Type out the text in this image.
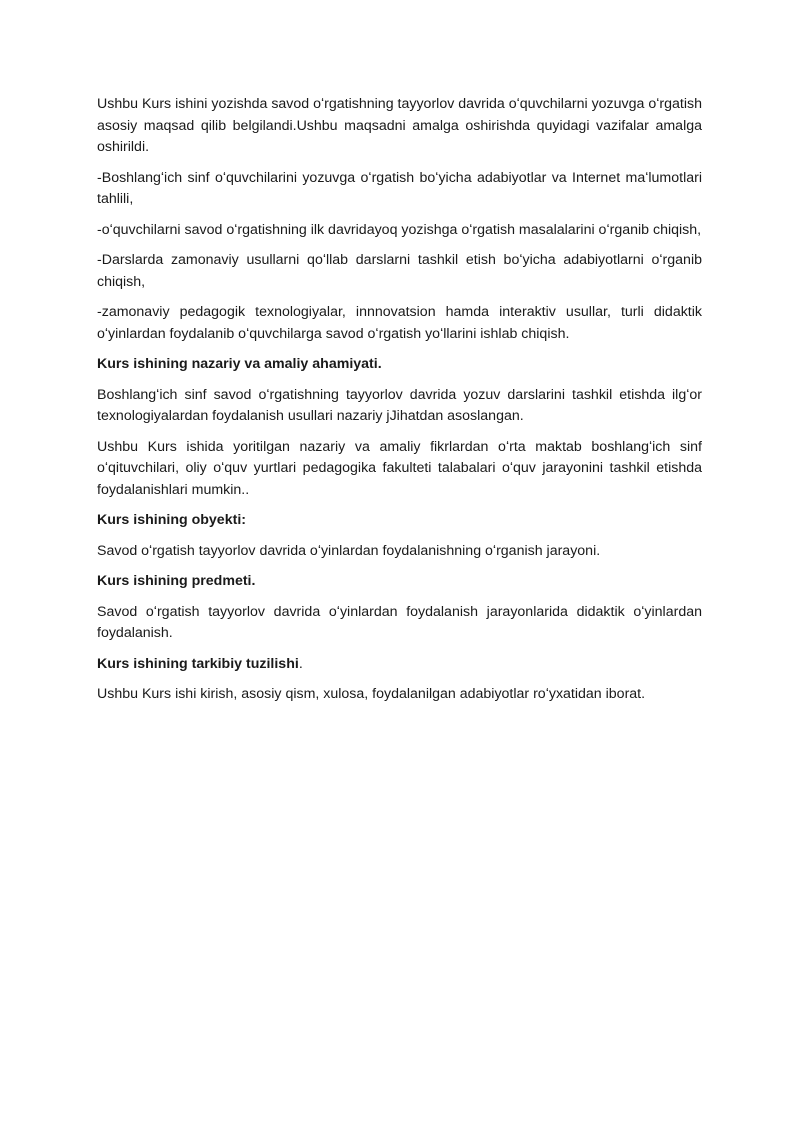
Ushbu Kurs ishini yozishda savod oʻrgatishning tayyorlov davrida oʻquvchilarni yozuvga oʻrgatish asosiy maqsad qilib belgilandi.Ushbu maqsadni amalga oshirishda quyidagi vazifalar amalga oshirildi.

-Boshlangʻich sinf oʻquvchilarini yozuvga oʻrgatish boʻyicha adabiyotlar va Internet maʻlumotlari tahlili,

-oʻquvchilarni savod oʻrgatishning ilk davridayoq yozishga oʻrgatish masalalarini oʻrganib chiqish,

-Darslarda zamonaviy usullarni qoʻllab darslarni tashkil etish boʻyicha adabiyotlarni oʻrganib chiqish,

-zamonaviy pedagogik texnologiyalar, innnovatsion hamda interaktiv usullar, turli didaktik oʻyinlardan foydalanib oʻquvchilarga savod oʻrgatish yoʻllarini ishlab chiqish.

Kurs ishining nazariy va amaliy ahamiyati.

Boshlangʻich sinf savod oʻrgatishning tayyorlov davrida yozuv darslarini tashkil etishda ilgʻor texnologiyalardan foydalanish usullari nazariy jJihatdan asoslangan.

Ushbu Kurs ishida yoritilgan nazariy va amaliy fikrlardan oʻrta maktab boshlangʻich sinf oʻqituvchilari, oliy oʻquv yurtlari pedagogika fakulteti talabalari oʻquv jarayonini tashkil etishda foydalanishlari mumkin..

Kurs ishining obyekti:

Savod oʻrgatish tayyorlov davrida oʻyinlardan foydalanishning oʻrganish jarayoni.

Kurs ishining predmeti.

Savod oʻrgatish tayyorlov davrida oʻyinlardan foydalanish jarayonlarida didaktik oʻyinlardan foydalanish.

Kurs ishining tarkibiy tuzilishi.

Ushbu Kurs ishi kirish, asosiy qism, xulosa, foydalanilgan adabiyotlar roʻyxatidan iborat.
